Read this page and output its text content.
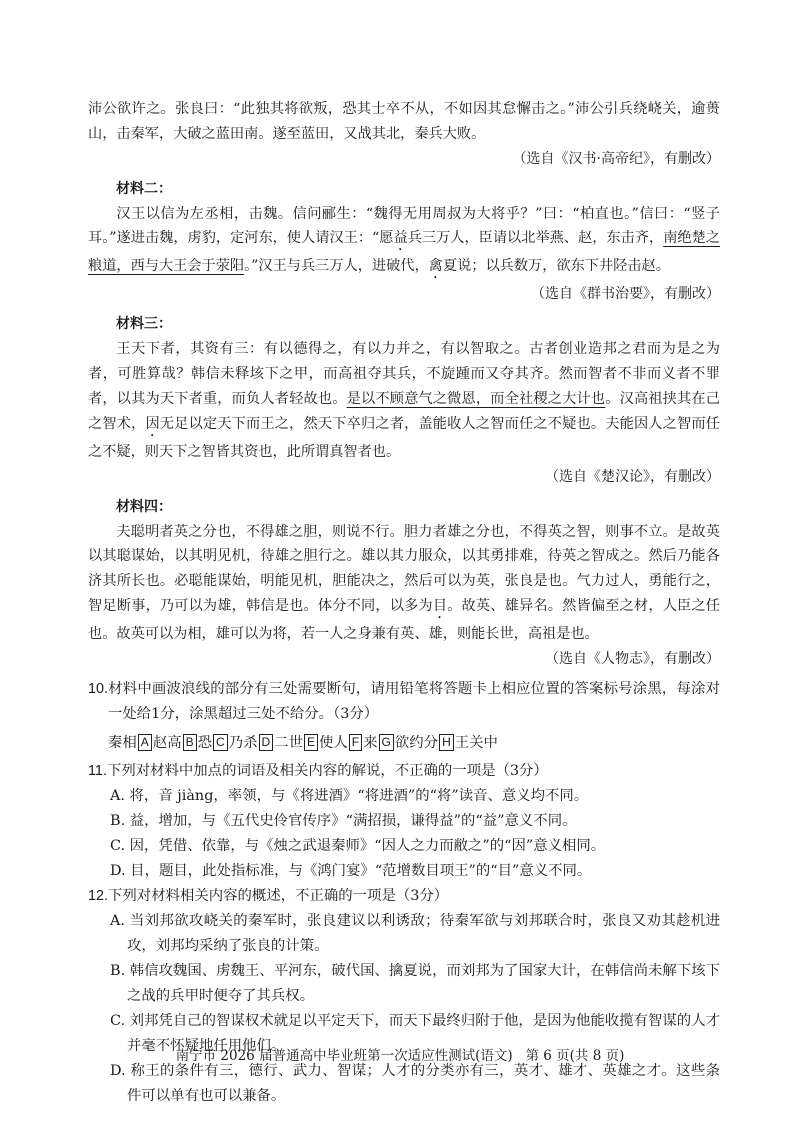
沛公欲许之。张良曰：“此独其将欲叛，恐其士卒不从，不如因其怠懈击之。”沛公引兵绕峣关，逾蒉山，击秦军，大破之蓝田南。遂至蓝田，又战其北，秦兵大败。

（选自《汉书·高帝纪》，有删改）

材料二：

汉王以信为左丞相，击魏。信问郦生：“魏得无用周叔为大将乎？”曰：“柏直也。”信曰：“竖子耳。”遂进击魏，虏豹，定河东，使人请汉王：“愿益兵三万人，臣请以北举燕、赵，东击齐，南绝楚之粮道，西与大王会于荥阳。”汉王与兵三万人，进破代，禽夏说；以兵数万，欲东下井陉击赵。

（选自《群书治要》，有删改）

材料三：

王天下者，其资有三：有以德得之，有以力并之，有以智取之。古者创业造邦之君而为是之为者，可胜算哉？韩信未释垓下之甲，而高祖夺其兵，不旋踵而又夺其齐。然而智者不非而义者不罪者，以其为天下者重，而负人者轻故也。是以不顾意气之微恩，而全社稷之大计也。汉高祖挟其在己之智术，因无足以定天下而王之，然天下卒归之者，盖能收人之智而任之不疑也。夫能因人之智而任之不疑，则天下之智皆其资也，此所谓真智者也。

（选自《楚汉论》，有删改）

材料四：

夫聪明者英之分也，不得雄之胆，则说不行。胆力者雄之分也，不得英之智，则事不立。是故英以其聪谋始，以其明见机，待雄之胆行之。雄以其力服众，以其勇排难，待英之智成之。然后乃能各济其所长也。必聪能谋始，明能见机，胆能决之，然后可以为英，张良是也。气力过人，勇能行之，智足断事，乃可以为雄，韩信是也。体分不同，以多为目。故英、雄异名。然皆偏至之材，人臣之任也。故英可以为相，雄可以为将，若一人之身兼有英、雄，则能长世，高祖是也。

（选自《人物志》，有删改）

10.材料中画波浪线的部分有三处需要断句，请用铅笔将答题卡上相应位置的答案标号涂黑，每涂对一处给1分，涂黑超过三处不给分。（3分）
秦相 A 赵高 B 恐 C 乃杀 D 二世 E 使人 F 来 G 欲约分 H 王关中
11.下列对材料中加点的词语及相关内容的解说，不正确的一项是（3分）
A. 将，音 jiàng，率领，与《将进酒》“将进酒”的“将”读音、意义均不同。
B. 益，增加，与《五代史伶官传序》“满招损，谦得益”的“益”意义不同。
C. 因，凭借、依靠，与《烛之武退秦师》“因人之力而敝之”的“因”意义相同。
D. 目，题目，此处指标准，与《鸿门宴》“范增数目项王”的“目”意义不同。
12.下列对材料相关内容的概述，不正确的一项是（3分）
A. 当刘邦欲攻峣关的秦军时，张良建议以利诱敌；待秦军欲与刘邦联合时，张良又劝其趁机进攻，刘邦均采纳了张良的计策。
B. 韩信攻魏国、虏魏王、平河东，破代国、擒夏说，而刘邦为了国家大计，在韩信尚未解下垓下之战的兵甲时便夺了其兵权。
C. 刘邦凭自己的智谋权术就足以平定天下，而天下最终归附于他，是因为他能收揽有智谋的人才并毫不怀疑地任用他们。
D. 称王的条件有三，德行、武力、智谋；人才的分类亦有三，英才、雄才、英雄之才。这些条件可以单有也可以兼备。
南宁市 2026 届普通高中毕业班第一次适应性测试(语文) 第 6 页(共 8 页)
